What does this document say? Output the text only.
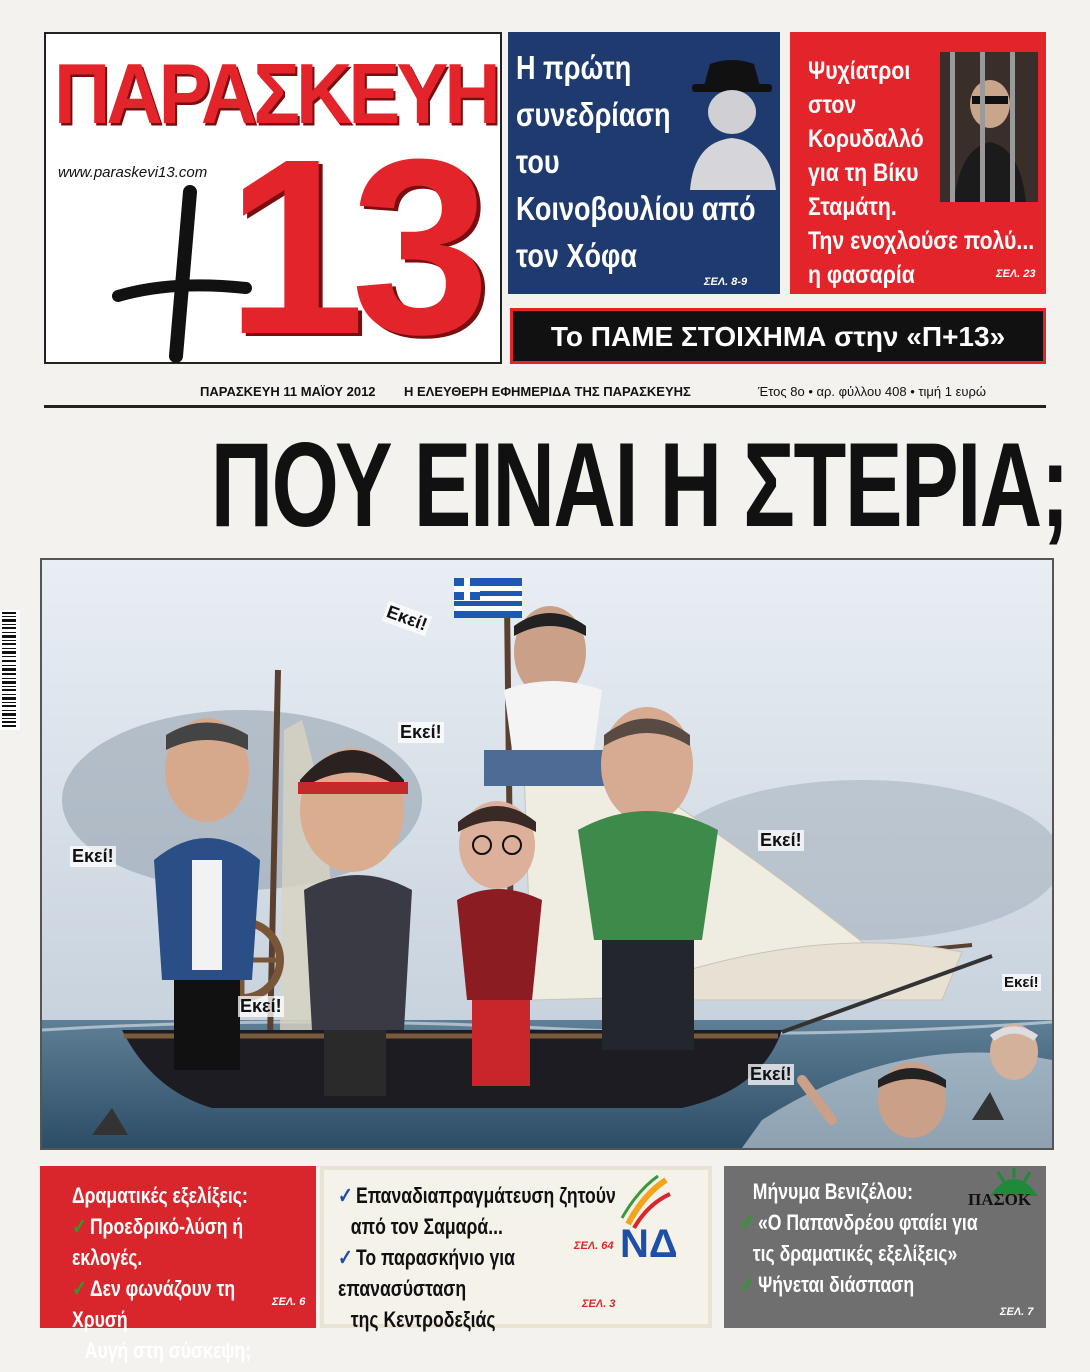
ΠΑΡΑΣΚΕΥΗ
www.paraskevi13.com 13
Η πρώτη
συνεδρίαση
του
Κοινοβουλίου από
τον Χόφα
ΣΕΛ. 8-9
Ψυχίατροι
στον
Κορυδαλλό
για τη Βίκυ
Σταμάτη.
Την ενοχλούσε πολύ...
η φασαρία	ΣΕΛ. 23
Το ΠΑΜΕ ΣΤΟΙΧΗΜΑ στην «Π+13»
ΠΑΡΑΣΚΕΥΗ 11 ΜΑΪΟΥ 2012 Η ΕΛΕΥΘΕΡΗ ΕΦΗΜΕΡΙΔΑ ΤΗΣ ΠΑΡΑΣΚΕΥΗΣ	Έτος 8ο • αρ. φύλλου 408 • τιμή 1 ευρώ
ΠΟΥ ΕΙΝΑΙ Η ΣΤΕΡΙΑ;
Εκεί!
Εκεί!
Εκεί!
Εκεί!
Εκεί!
Εκεί!
Εκεί!
Δραματικές εξελίξεις:
✓ Προεδρικό-λύση ή εκλογές.
✓ Δεν φωνάζουν τη Χρυσή
Αυγή στη σύσκεψη;
ΣΕΛ. 6
✓ Επαναδιαπραγμάτευση ζητούν
από τον Σαμαρά...
✓ Το παρασκήνιο για επανασύσταση
της Κεντροδεξιάς
ΣΕΛ. 64
ΣΕΛ. 3
ΝΔ
ΠΑΣΟΚ
Μήνυμα Βενιζέλου:
✓ «Ο Παπανδρέου φταίει για
τις δραματικές εξελίξεις»
✓ Ψήνεται διάσπαση
ΣΕΛ. 7
